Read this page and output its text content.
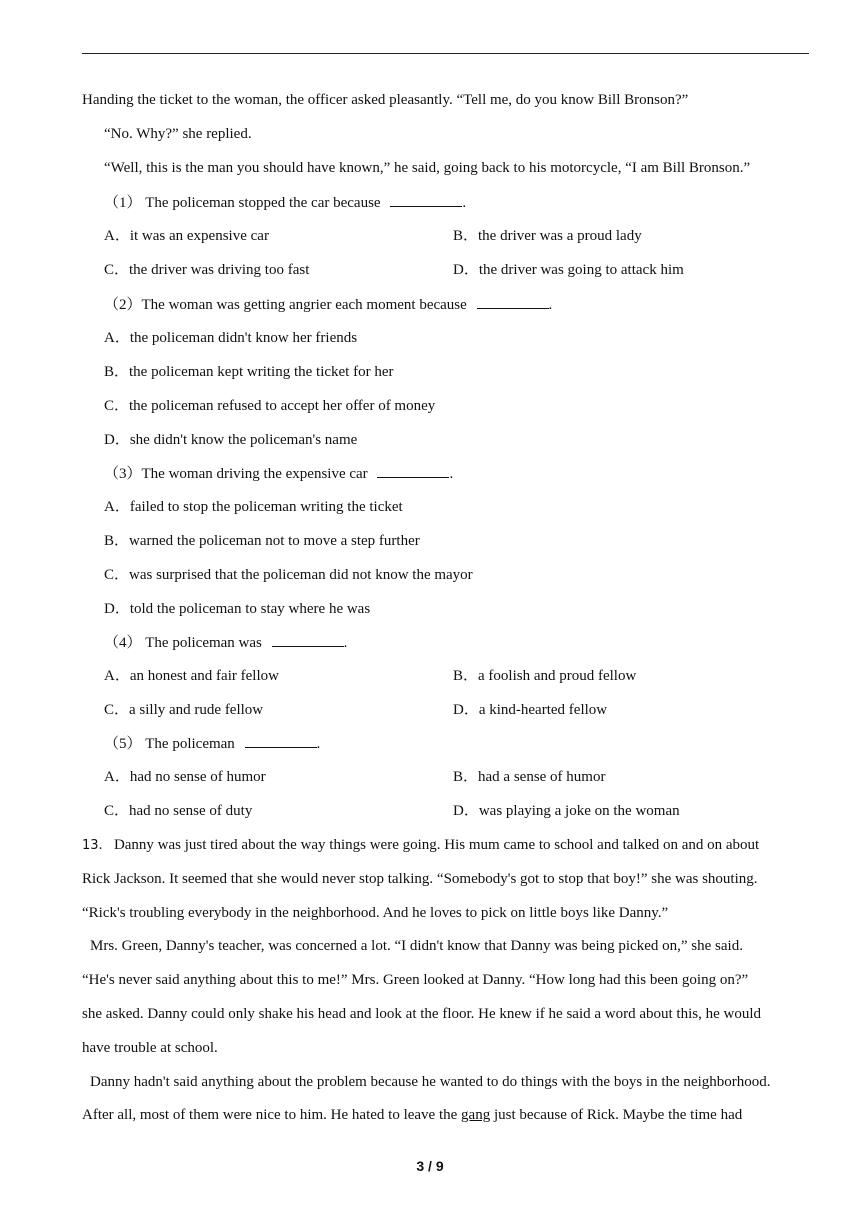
Handing the ticket to the woman, the officer asked pleasantly. “Tell me, do you know Bill Bronson?”
“No. Why?” she replied.
“Well, this is the man you should have known,” he said, going back to his motorcycle, “I am Bill Bronson.”
（1） The policeman stopped the car because	.
A．it was an expensive car	B．the driver was a proud lady
C．the driver was driving too fast	D．the driver was going to attack him
（2）The woman was getting angrier each moment because	.
A．the policeman didn't know her friends
B．the policeman kept writing the ticket for her
C．the policeman refused to accept her offer of money
D．she didn't know the policeman's name
（3）The woman driving the expensive car	.
A．failed to stop the policeman writing the ticket
B．warned the policeman not to move a step further
C．was surprised that the policeman did not know the mayor
D．told the policeman to stay where he was
（4） The policeman was	.
A．an honest and fair fellow	B．a foolish and proud fellow
C．a silly and rude fellow	D．a kind-hearted fellow
（5） The policeman	.
A．had no sense of humor	B．had a sense of humor
C．had no sense of duty	D．was playing a joke on the woman
13. Danny was just tired about the way things were going. His mum came to school and talked on and on about
Rick Jackson. It seemed that she would never stop talking. “Somebody's got to stop that boy!” she was shouting.
“Rick's troubling everybody in the neighborhood. And he loves to pick on little boys like Danny.”
Mrs. Green, Danny's teacher, was concerned a lot. “I didn't know that Danny was being picked on,” she said.
“He's never said anything about this to me!” Mrs. Green looked at Danny. “How long had this been going on?”
she asked. Danny could only shake his head and look at the floor. He knew if he said a word about this, he would
have trouble at school.
Danny hadn't said anything about the problem because he wanted to do things with the boys in the neighborhood.
After all, most of them were nice to him. He hated to leave the gang just because of Rick. Maybe the time had
3 / 9
